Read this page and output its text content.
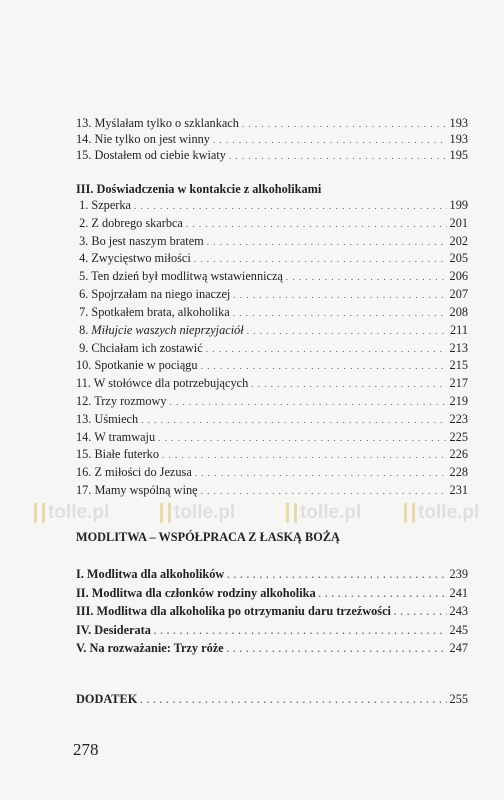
13. Myślałam tylko o szklankach . . .	193
14. Nie tylko on jest winny . . .	193
15. Dostałem od ciebie kwiaty . . .	195
III. Doświadczenia w kontakcie z alkoholikami
1. Szperka . . .	199
2. Z dobrego skarbca . . .	201
3. Bo jest naszym bratem . . .	202
4. Zwycięstwo miłości . . .	205
5. Ten dzień był modlitwą wstawienniczą . . .	206
6. Spojrzałam na niego inaczej . . .	207
7. Spotkałem brata, alkoholika . . .	208
8. Miłujcie waszych nieprzyjaciół . . .	211
9. Chciałam ich zostawić . . .	213
10. Spotkanie w pociągu . . .	215
11. W stołówce dla potrzebujących . . .	217
12. Trzy rozmowy . . .	219
13. Uśmiech . . .	223
14. W tramwaju . . .	225
15. Białe futerko . . .	226
16. Z miłości do Jezusa . . .	228
17. Mamy wspólną winę . . .	231
tolle.pl	tolle.pl	tolle.pl	tolle.pl
MODLITWA – WSPÓŁPRACA Z ŁASKĄ BOŻĄ
I. Modlitwa dla alkoholików . . .	239
II. Modlitwa dla członków rodziny alkoholika . . .	241
III. Modlitwa dla alkoholika po otrzymaniu daru trzeźwości . . .	243
IV. Desiderata . . .	245
V. Na rozważanie: Trzy róże . . .	247
DODATEK . . .	255
278
